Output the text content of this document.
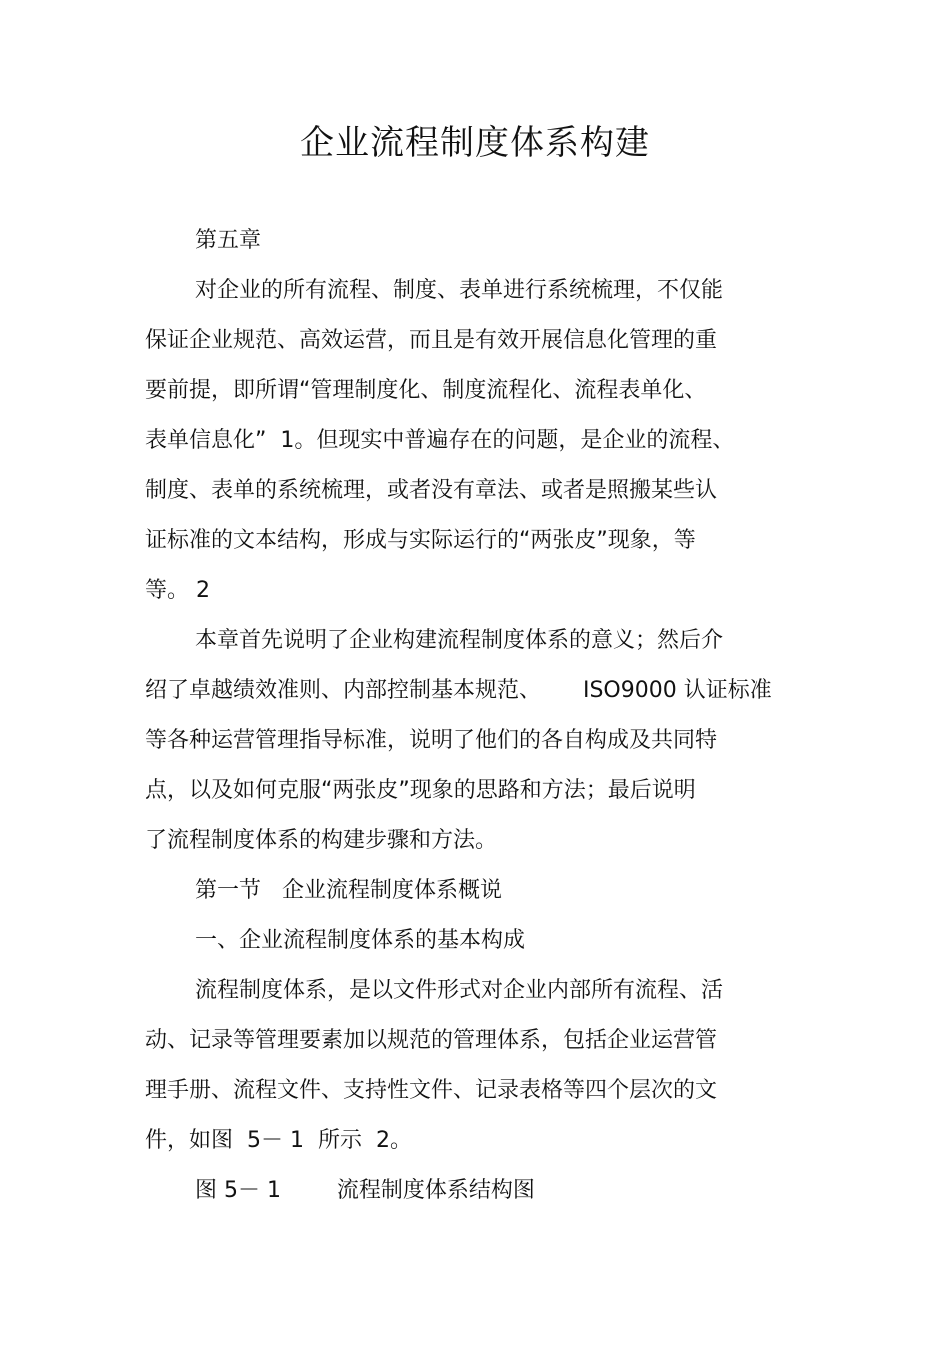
企业流程制度体系构建
第五章
对企业的所有流程、制度、表单进行系统梳理，不仅能
保证企业规范、高效运营，而且是有效开展信息化管理的重
要前提，即所谓“管理制度化、制度流程化、流程表单化、
表单信息化”  1。但现实中普遍存在的问题，是企业的流程、
制度、表单的系统梳理，或者没有章法、或者是照搬某些认
证标准的文本结构，形成与实际运行的“两张皮”现象，等
等。 2
本章首先说明了企业构建流程制度体系的意义；然后介
绍了卓越绩效准则、内部控制基本规范、      ISO9000 认证标准
等各种运营管理指导标准，说明了他们的各自构成及共同特
点，以及如何克服“两张皮”现象的思路和方法；最后说明
了流程制度体系的构建步骤和方法。
第一节   企业流程制度体系概说
一、企业流程制度体系的基本构成
流程制度体系，是以文件形式对企业内部所有流程、活
动、记录等管理要素加以规范的管理体系，包括企业运营管
理手册、流程文件、支持性文件、记录表格等四个层次的文
件，如图  5－ 1  所示  2。
图 5－ 1        流程制度体系结构图
